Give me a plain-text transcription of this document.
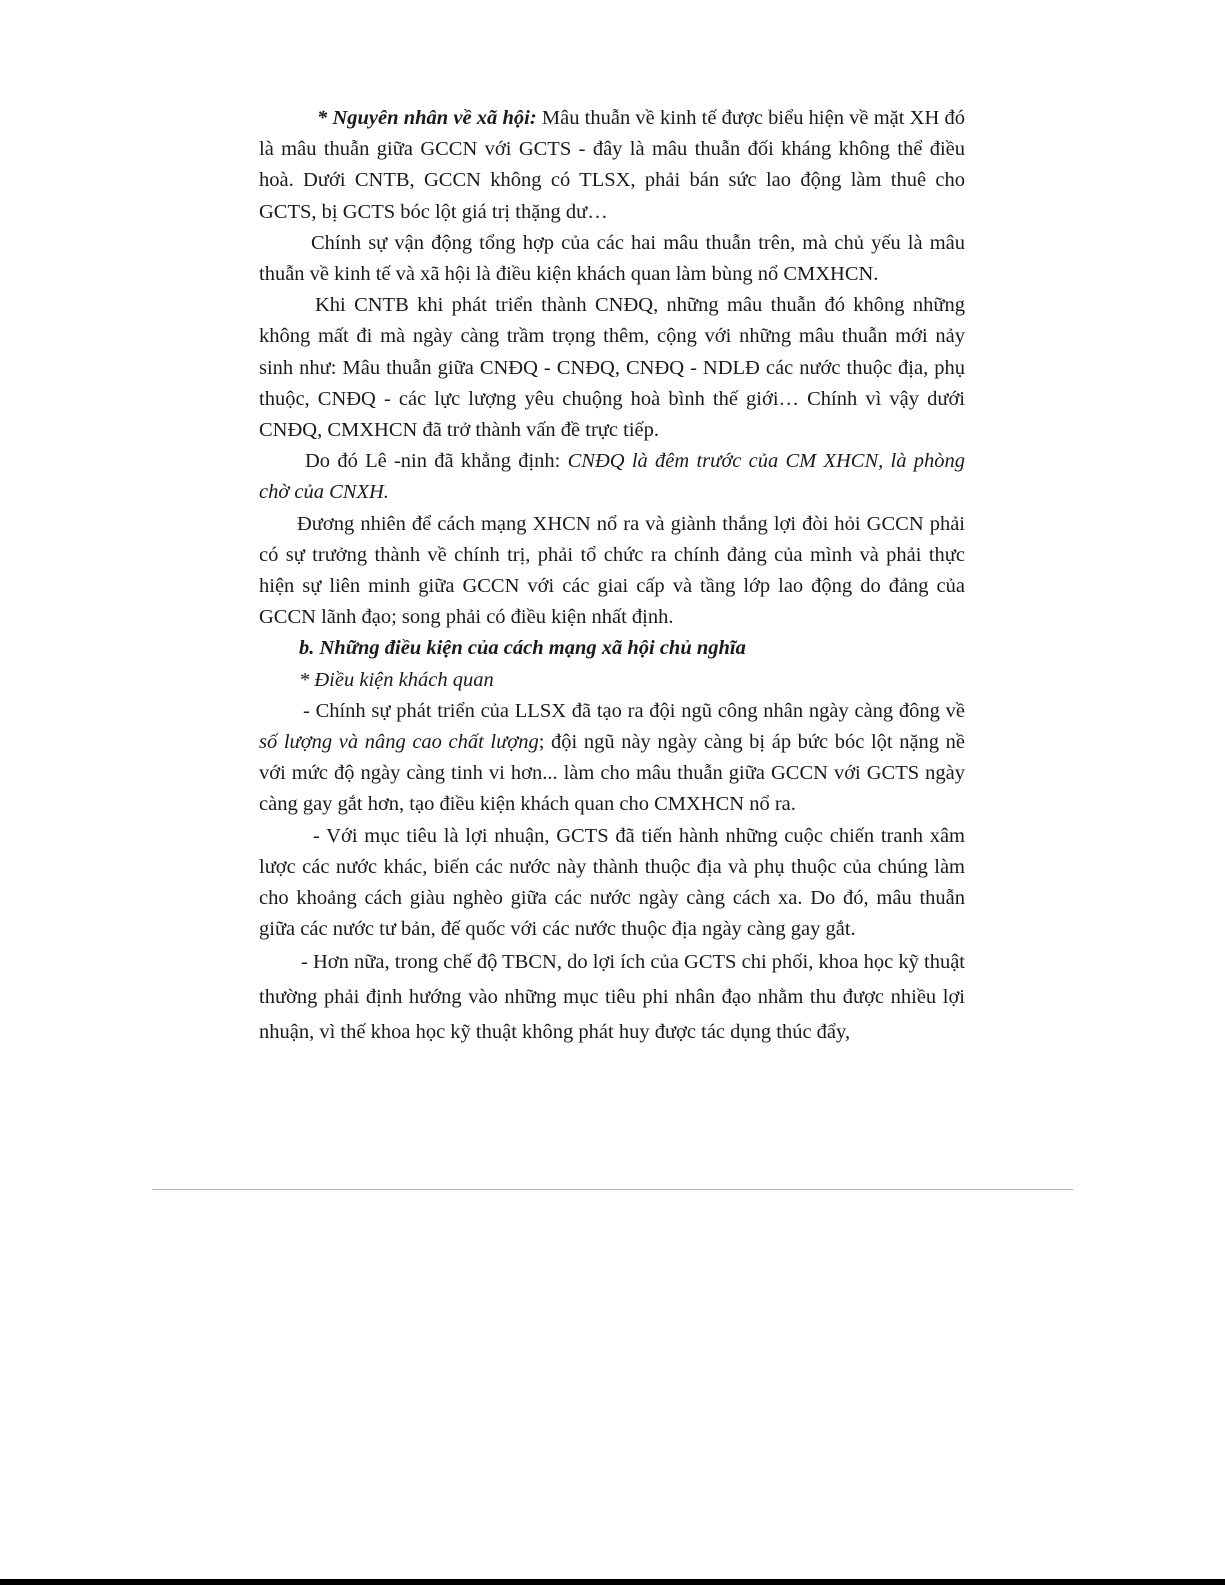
* Nguyên nhân về xã hội: Mâu thuẫn về kinh tế được biểu hiện về mặt XH đó là mâu thuẫn giữa GCCN với GCTS - đây là mâu thuẫn đối kháng không thể điều hoà. Dưới CNTB, GCCN không có TLSX, phải bán sức lao động làm thuê cho GCTS, bị GCTS bóc lột giá trị thặng dư…

Chính sự vận động tổng hợp của các hai mâu thuẫn trên, mà chủ yếu là mâu thuẫn về kinh tế và xã hội là điều kiện khách quan làm bùng nổ CMXHCN.

Khi CNTB khi phát triển thành CNĐQ, những mâu thuẫn đó không những không mất đi mà ngày càng trầm trọng thêm, cộng với những mâu thuẫn mới nảy sinh như: Mâu thuẫn giữa CNĐQ - CNĐQ, CNĐQ - NDLĐ các nước thuộc địa, phụ thuộc, CNĐQ - các lực lượng yêu chuộng hoà bình thế giới… Chính vì vậy dưới CNĐQ, CMXHCN đã trở thành vấn đề trực tiếp.

Do đó Lê -nin đã khẳng định: CNĐQ là đêm trước của CM XHCN, là phòng chờ của CNXH.

Đương nhiên để cách mạng XHCN nổ ra và giành thắng lợi đòi hỏi GCCN phải có sự trưởng thành về chính trị, phải tổ chức ra chính đảng của mình và phải thực hiện sự liên minh giữa GCCN với các giai cấp và tầng lớp lao động do đảng của GCCN lãnh đạo; song phải có điều kiện nhất định.

b. Những điều kiện của cách mạng xã hội chủ nghĩa

* Điều kiện khách quan

- Chính sự phát triển của LLSX đã tạo ra đội ngũ công nhân ngày càng đông về số lượng và nâng cao chất lượng; đội ngũ này ngày càng bị áp bức bóc lột nặng nề với mức độ ngày càng tinh vi hơn... làm cho mâu thuẫn giữa GCCN với GCTS ngày càng gay gắt hơn, tạo điều kiện khách quan cho CMXHCN nổ ra.

- Với mục tiêu là lợi nhuận, GCTS đã tiến hành những cuộc chiến tranh xâm lược các nước khác, biến các nước này thành thuộc địa và phụ thuộc của chúng làm cho khoảng cách giàu nghèo giữa các nước ngày càng cách xa. Do đó, mâu thuẫn giữa các nước tư bản, đế quốc với các nước thuộc địa ngày càng gay gắt.

- Hơn nữa, trong chế độ TBCN, do lợi ích của GCTS chi phối, khoa học kỹ thuật thường phải định hướng vào những mục tiêu phi nhân đạo nhằm thu được nhiều lợi nhuận, vì thế khoa học kỹ thuật không phát huy được tác dụng thúc đẩy,
